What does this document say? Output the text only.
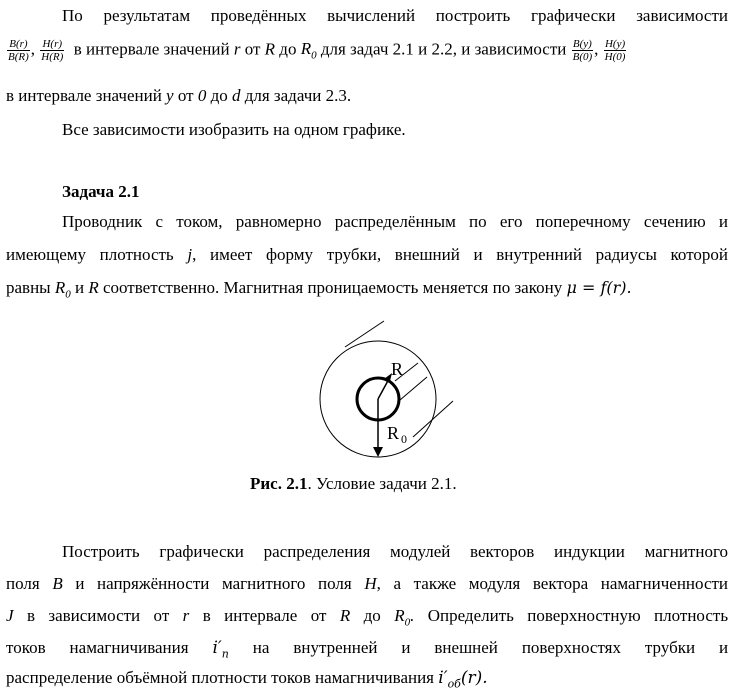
По результатам проведённых вычислений построить графически зависимости
$\frac{B(r)}{B(R)}$ , $\frac{H(r)}{H(R)}$ в интервале значений r от R до $R_0$ для задач 2.1 и 2.2, и зависимости $\frac{B(y)}{B(0)}$ , $\frac{H(y)}{H(0)}$
в интервале значений y от 0 до d для задачи 2.3.
Все зависимости изобразить на одном графике.
Задача 2.1
Проводник с током, равномерно распределённым по его поперечному сечению и
имеющему плотность j, имеет форму трубки, внешний и внутренний радиусы которой
равны $R_0$ и R соответственно. Магнитная проницаемость меняется по закону μ = f(r).
R
R 0
Рис. 2.1. Условие задачи 2.1.
Построить графически распределения модулей векторов индукции магнитного
поля B и напряжённости магнитного поля H, а также модуля вектора намагниченности
J в зависимости от r в интервале от R до $R_0$. Определить поверхностную плотность
токов намагничивания $i'_п$ на внутренней и внешней поверхностях трубки и
распределение объёмной плотности токов намагничивания $i'_{об}(r)$.
